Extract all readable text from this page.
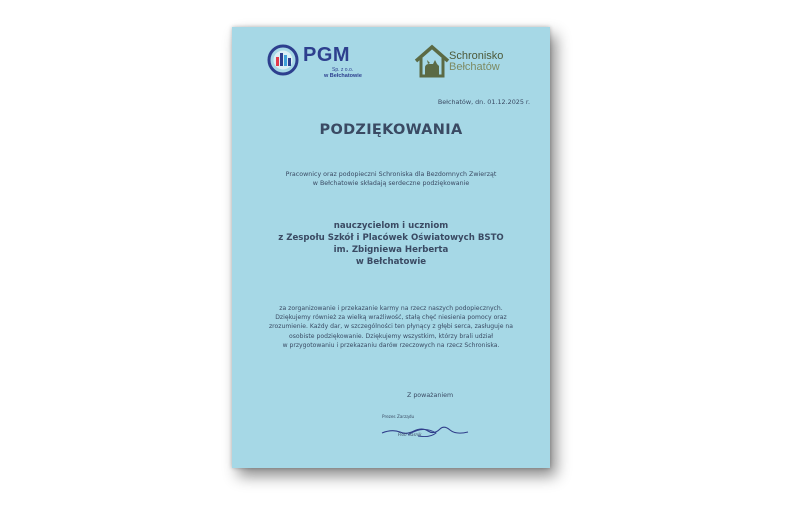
PGM
Sp. z o.o.
w Bełchatowie
Schronisko
Bełchatów
Bełchatów, dn. 01.12.2025 r.
PODZIĘKOWANIA
Pracownicy oraz podopieczni Schroniska dla Bezdomnych Zwierząt
w Bełchatowie składają serdeczne podziękowanie
nauczycielom i uczniom
z Zespołu Szkół i Placówek Oświatowych BSTO
im. Zbigniewa Herberta
w Bełchatowie
za zorganizowanie i przekazanie karmy na rzecz naszych podopiecznych.
Dziękujemy również za wielką wrażliwość, stałą chęć niesienia pomocy oraz
zrozumienie. Każdy dar, w szczególności ten płynący z głębi serca, zasługuje na
osobiste podziękowanie. Dziękujemy wszystkim, którzy brali udział
w przygotowaniu i przekazaniu darów rzeczowych na rzecz Schroniska.
Z poważaniem
Prezes Zarządu
Piotr Sasnik
